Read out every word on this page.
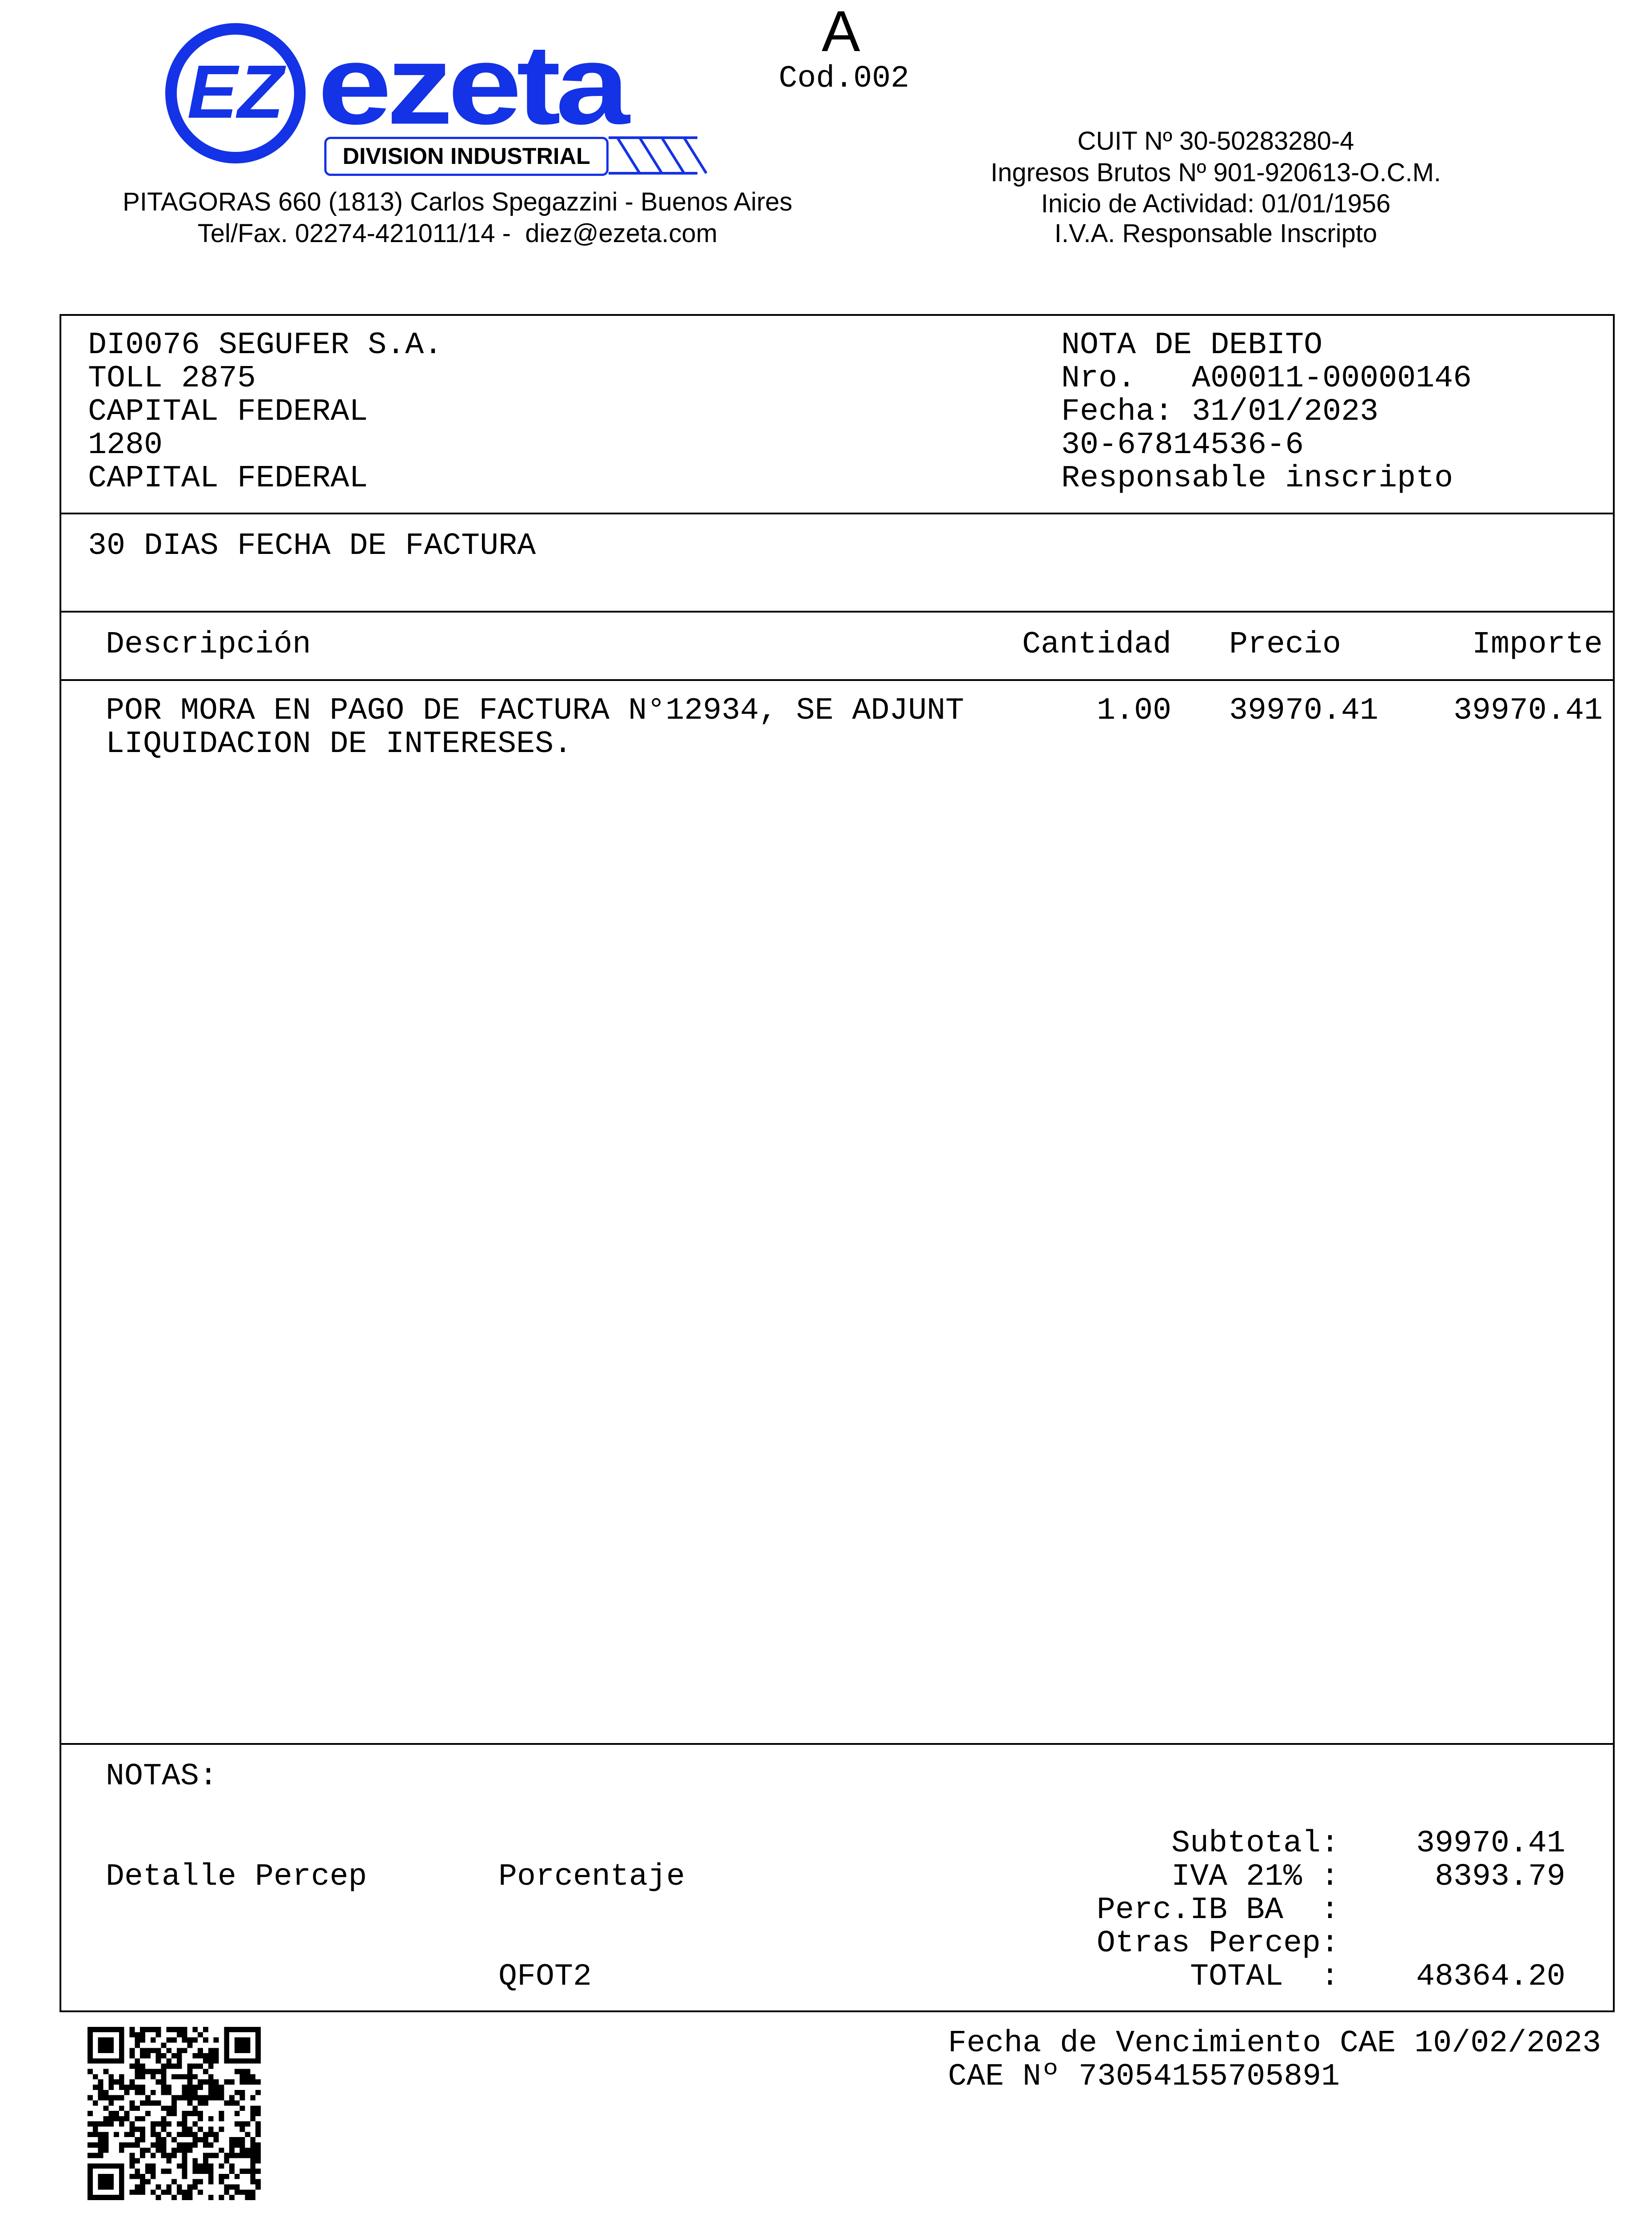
EZ ezeta
DIVISION INDUSTRIAL
PITAGORAS 660 (1813) Carlos Spegazzini - Buenos Aires
Tel/Fax. 02274-421011/14 -  diez@ezeta.com
A
Cod.002
CUIT Nº 30-50283280-4
Ingresos Brutos Nº 901-920613-O.C.M.
Inicio de Actividad: 01/01/1956
I.V.A. Responsable Inscripto
DI0076 SEGUFER S.A.
TOLL 2875
CAPITAL FEDERAL
1280
CAPITAL FEDERAL
NOTA DE DEBITO
Nro.   A00011-00000146
Fecha: 31/01/2023
30-67814536-6
Responsable inscripto
30 DIAS FECHA DE FACTURA
Descripción	Cantidad Precio	Importe
POR MORA EN PAGO DE FACTURA N°12934, SE ADJUNT
LIQUIDACION DE INTERESES.
1.00 39970.41 39970.41
NOTAS:
Detalle Percep	Porcentaje
QFOT2
Subtotal: 39970.41
IVA 21% :	8393.79
Perc.IB BA  :
Otras Percep:
TOTAL  : 48364.20
Fecha de Vencimiento CAE 10/02/2023
CAE Nº 73054155705891
